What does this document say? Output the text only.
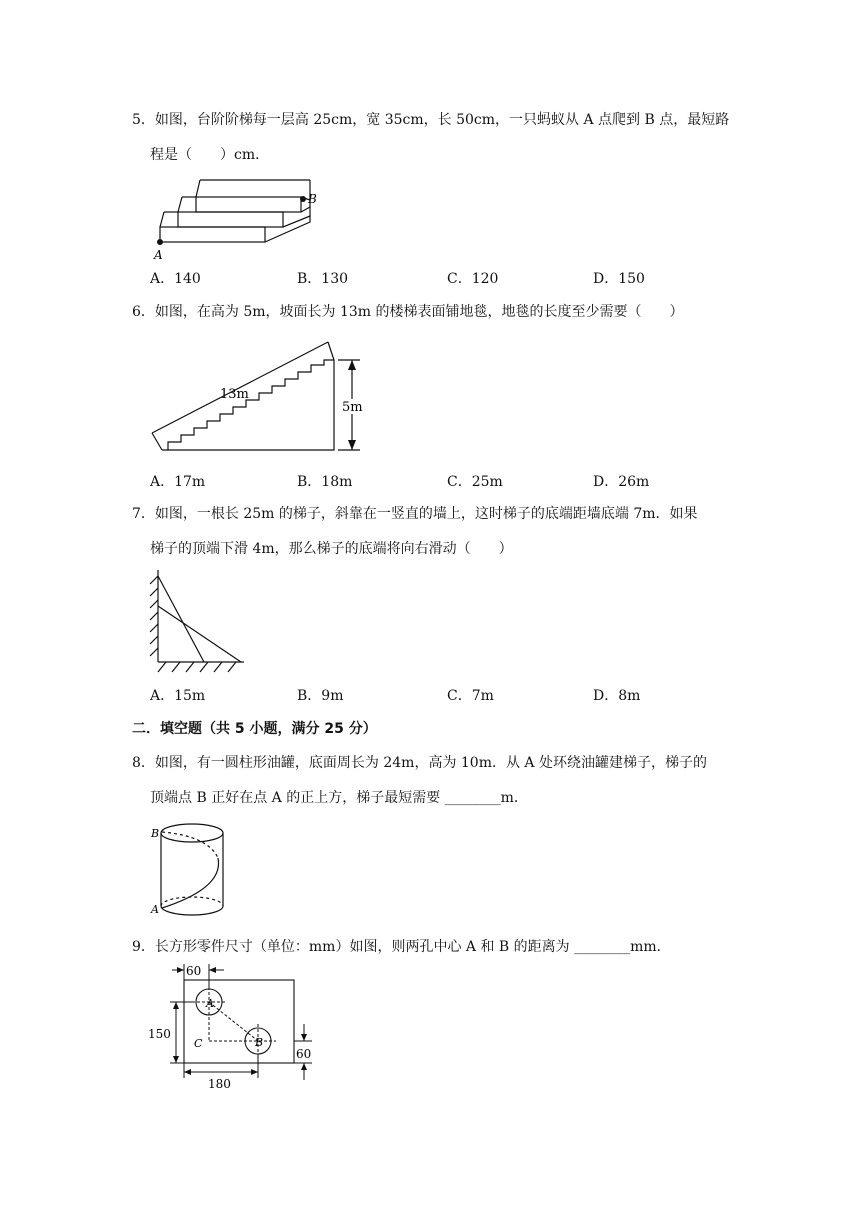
5．如图，台阶阶梯每一层高 25cm，宽 35cm，长 50cm，一只蚂蚁从 A 点爬到 B 点，最短路
程是（　　）cm．
A
B
A．140	B．130	C．120	D．150
6．如图，在高为 5m，坡面长为 13m 的楼梯表面铺地毯，地毯的长度至少需要（　　）
13m
5m
A．17m	B．18m	C．25m	D．26m
7．如图，一根长 25m 的梯子，斜靠在一竖直的墙上，这时梯子的底端距墙底端 7m．如果
梯子的顶端下滑 4m，那么梯子的底端将向右滑动（　　）
A．15m	B．9m	C．7m	D．8m
二．填空题（共 5 小题，满分 25 分）
8．如图，有一圆柱形油罐，底面周长为 24m，高为 10m．从 A 处环绕油罐建梯子，梯子的
顶端点 B 正好在点 A 的正上方，梯子最短需要 ________m．
B
A
9．长方形零件尺寸（单位：mm）如图，则两孔中心 A 和 B 的距离为 ________mm．
60
150
60
180
A
B
C
